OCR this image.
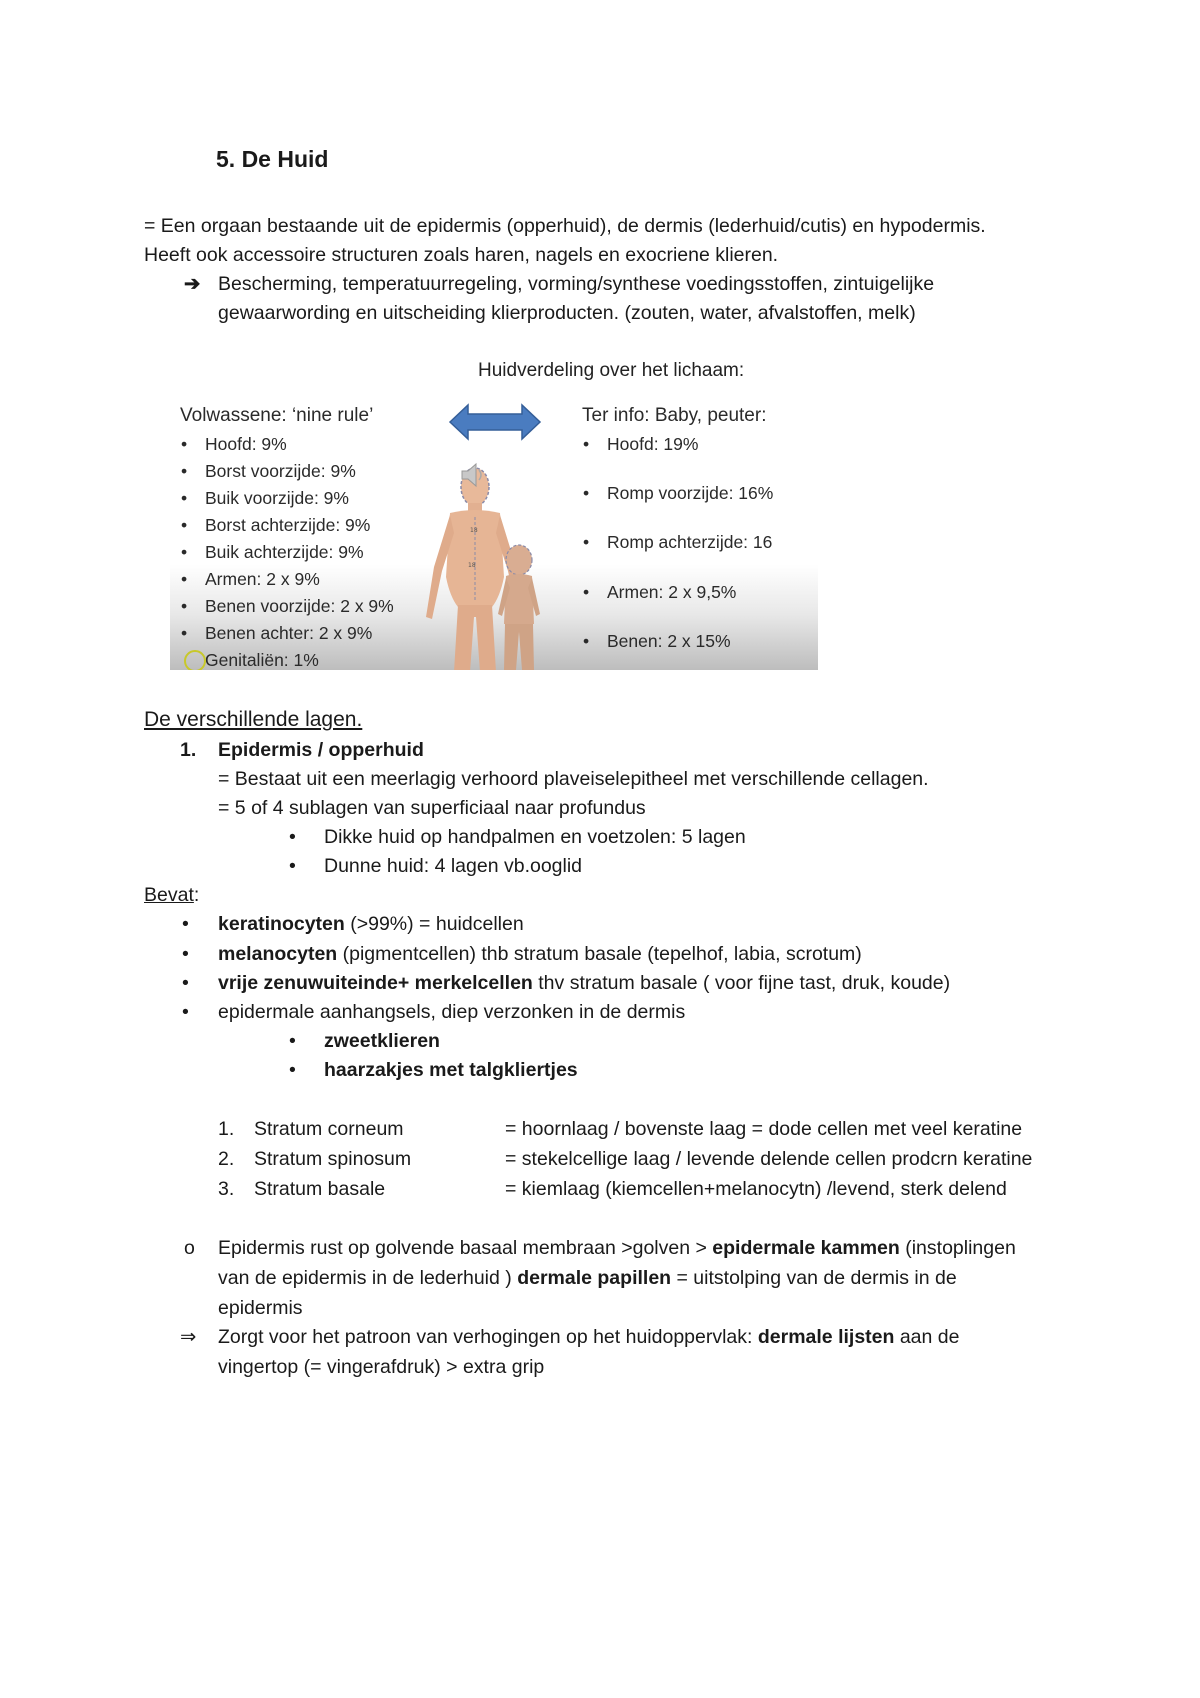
5. De Huid
= Een orgaan bestaande uit de epidermis (opperhuid), de dermis (lederhuid/cutis) en hypodermis.
Heeft ook accessoire structuren zoals haren, nagels en exocriene klieren.
➔ Bescherming, temperatuurregeling, vorming/synthese voedingsstoffen, zintuigelijke
gewaarwording en uitscheiding klierproducten. (zouten, water, afvalstoffen, melk)
Huidverdeling over het lichaam:
Volwassene: ‘nine rule’
• Hoofd: 9%
• Borst voorzijde: 9%
• Buik voorzijde: 9%
• Borst achterzijde: 9%
• Buik achterzijde: 9%
• Armen: 2 x 9%
• Benen voorzijde: 2 x 9%
• Benen achter: 2 x 9%
Genitaliën: 1%
18
18
Ter info: Baby, peuter:
• Hoofd: 19%
• Romp voorzijde: 16%
• Romp achterzijde: 16
• Armen: 2 x 9,5%
• Benen: 2 x 15%
De verschillende lagen.
1. Epidermis / opperhuid
= Bestaat uit een meerlagig verhoord plaveiselepitheel met verschillende cellagen.
= 5 of 4 sublagen van superficiaal naar profundus
• Dikke huid op handpalmen en voetzolen: 5 lagen
• Dunne huid: 4 lagen vb.ooglid
Bevat:
• keratinocyten (>99%) = huidcellen
• melanocyten (pigmentcellen) thb stratum basale (tepelhof, labia, scrotum)
• vrije zenuwuiteinde+ merkelcellen thv stratum basale ( voor fijne tast, druk, koude)
• epidermale aanhangsels, diep verzonken in de dermis
• zweetklieren
• haarzakjes met talgkliertjes
1. Stratum corneum	= hoornlaag / bovenste laag = dode cellen met veel keratine
2. Stratum spinosum	= stekelcellige laag / levende delende cellen prodcrn keratine
3. Stratum basale	= kiemlaag (kiemcellen+melanocytn) /levend, sterk delend
o Epidermis rust op golvende basaal membraan >golven > epidermale kammen (instoplingen
van de epidermis in de lederhuid ) dermale papillen = uitstolping van de dermis in de
epidermis
⇒ Zorgt voor het patroon van verhogingen op het huidoppervlak: dermale lijsten aan de
vingertop (= vingerafdruk) > extra grip
